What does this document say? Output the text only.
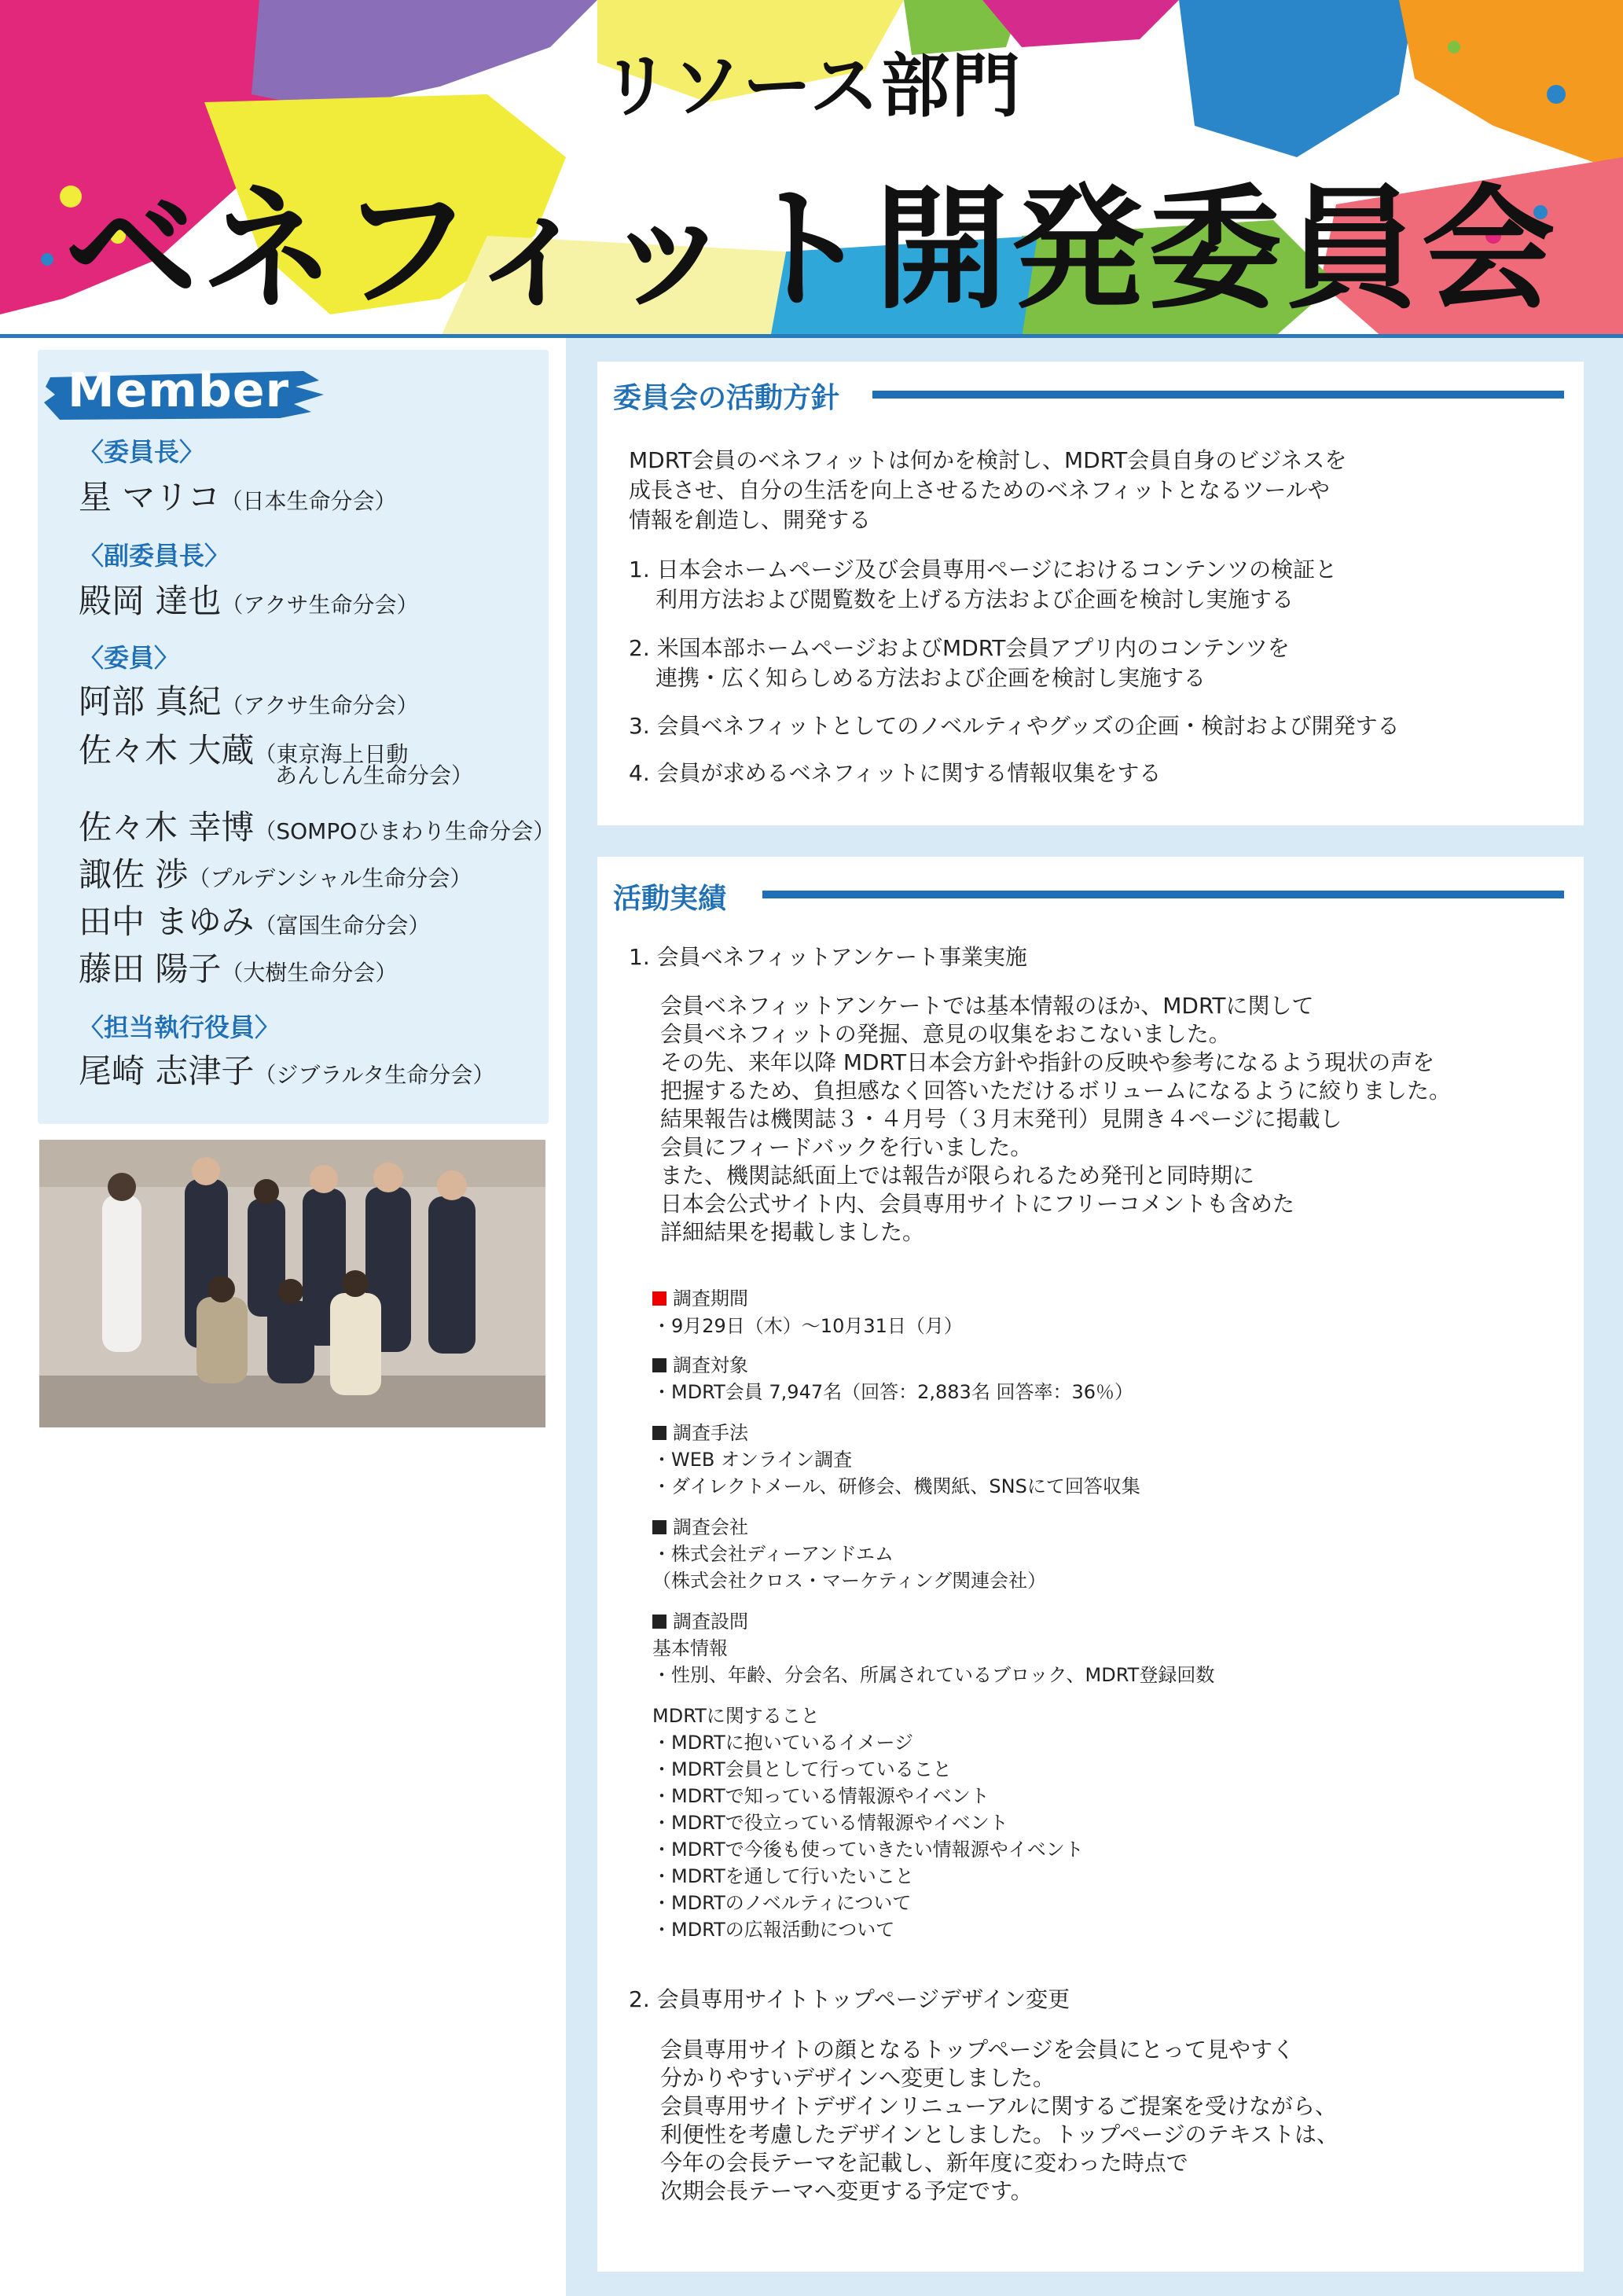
リソース部門
ベネフィット開発委員会
Member
〈委員長〉
星 マリコ（日本生命分会）
〈副委員長〉
殿岡 達也（アクサ生命分会）
〈委員〉
阿部 真紀（アクサ生命分会）
佐々木 大蔵（東京海上日動
あんしん生命分会）
佐々木 幸博（SOMPOひまわり生命分会）
諏佐 渉（プルデンシャル生命分会）
田中 まゆみ（富国生命分会）
藤田 陽子（大樹生命分会）
〈担当執行役員〉
尾崎 志津子（ジブラルタ生命分会）
委員会の活動方針
MDRT会員のベネフィットは何かを検討し、MDRT会員自身のビジネスを
成長させ、自分の生活を向上させるためのベネフィットとなるツールや
情報を創造し、開発する
1. 日本会ホームページ及び会員専用ページにおけるコンテンツの検証と
利用方法および閲覧数を上げる方法および企画を検討し実施する
2. 米国本部ホームページおよびMDRT会員アプリ内のコンテンツを
連携・広く知らしめる方法および企画を検討し実施する
3. 会員ベネフィットとしてのノベルティやグッズの企画・検討および開発する
4. 会員が求めるベネフィットに関する情報収集をする
活動実績
1. 会員ベネフィットアンケート事業実施
会員ベネフィットアンケートでは基本情報のほか、MDRTに関して
会員ベネフィットの発掘、意見の収集をおこないました。
その先、来年以降 MDRT日本会方針や指針の反映や参考になるよう現状の声を
把握するため、負担感なく回答いただけるボリュームになるように絞りました。
結果報告は機関誌３・４月号（３月末発刊）見開き４ページに掲載し
会員にフィードバックを行いました。
また、機関誌紙面上では報告が限られるため発刊と同時期に
日本会公式サイト内、会員専用サイトにフリーコメントも含めた
詳細結果を掲載しました。
調査期間
・9月29日（木）〜10月31日（月）
調査対象
・MDRT会員 7,947名（回答：2,883名 回答率：36％）
調査手法
・WEB オンライン調査
・ダイレクトメール、研修会、機関紙、SNSにて回答収集
調査会社
・株式会社ディーアンドエム
（株式会社クロス・マーケティング関連会社）
調査設問
基本情報
・性別、年齢、分会名、所属されているブロック、MDRT登録回数
MDRTに関すること
・MDRTに抱いているイメージ
・MDRT会員として行っていること
・MDRTで知っている情報源やイベント
・MDRTで役立っている情報源やイベント
・MDRTで今後も使っていきたい情報源やイベント
・MDRTを通して行いたいこと
・MDRTのノベルティについて
・MDRTの広報活動について
2. 会員専用サイトトップページデザイン変更
会員専用サイトの顔となるトップページを会員にとって見やすく
分かりやすいデザインへ変更しました。
会員専用サイトデザインリニューアルに関するご提案を受けながら、
利便性を考慮したデザインとしました。トップページのテキストは、
今年の会長テーマを記載し、新年度に変わった時点で
次期会長テーマへ変更する予定です。
